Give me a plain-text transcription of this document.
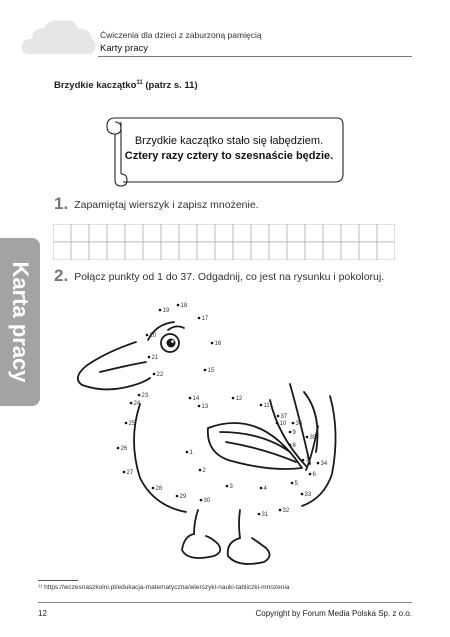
Ćwiczenia dla dzieci z zaburzoną pamięcią
Karty pracy
Brzydkie kaczątko$^{11}$ (patrz s. 11)
Brzydkie kaczątko stało się łabędziem.
Cztery razy cztery to szesnaście będzie.
1. Zapamiętaj wierszyk i zapisz mnożenie.
2. Połącz punkty od 1 do 37. Odgadnij, co jest na rysunku i pokoloruj.
Karta pracy
1
2
3	4
5
6
7
8
9
10
11
12
13
14
15
16
17
18
19
20
21
22
23
24
25
26
27
28
29
30
31
32
33
34
35
36
37
¹¹ https://wczesnaszkolni.pl/edukacja-matematyczna/wierszyki-nauki-tabliczki-mnozenia
12	Copyright by Forum Media Polska Sp. z o.o.
